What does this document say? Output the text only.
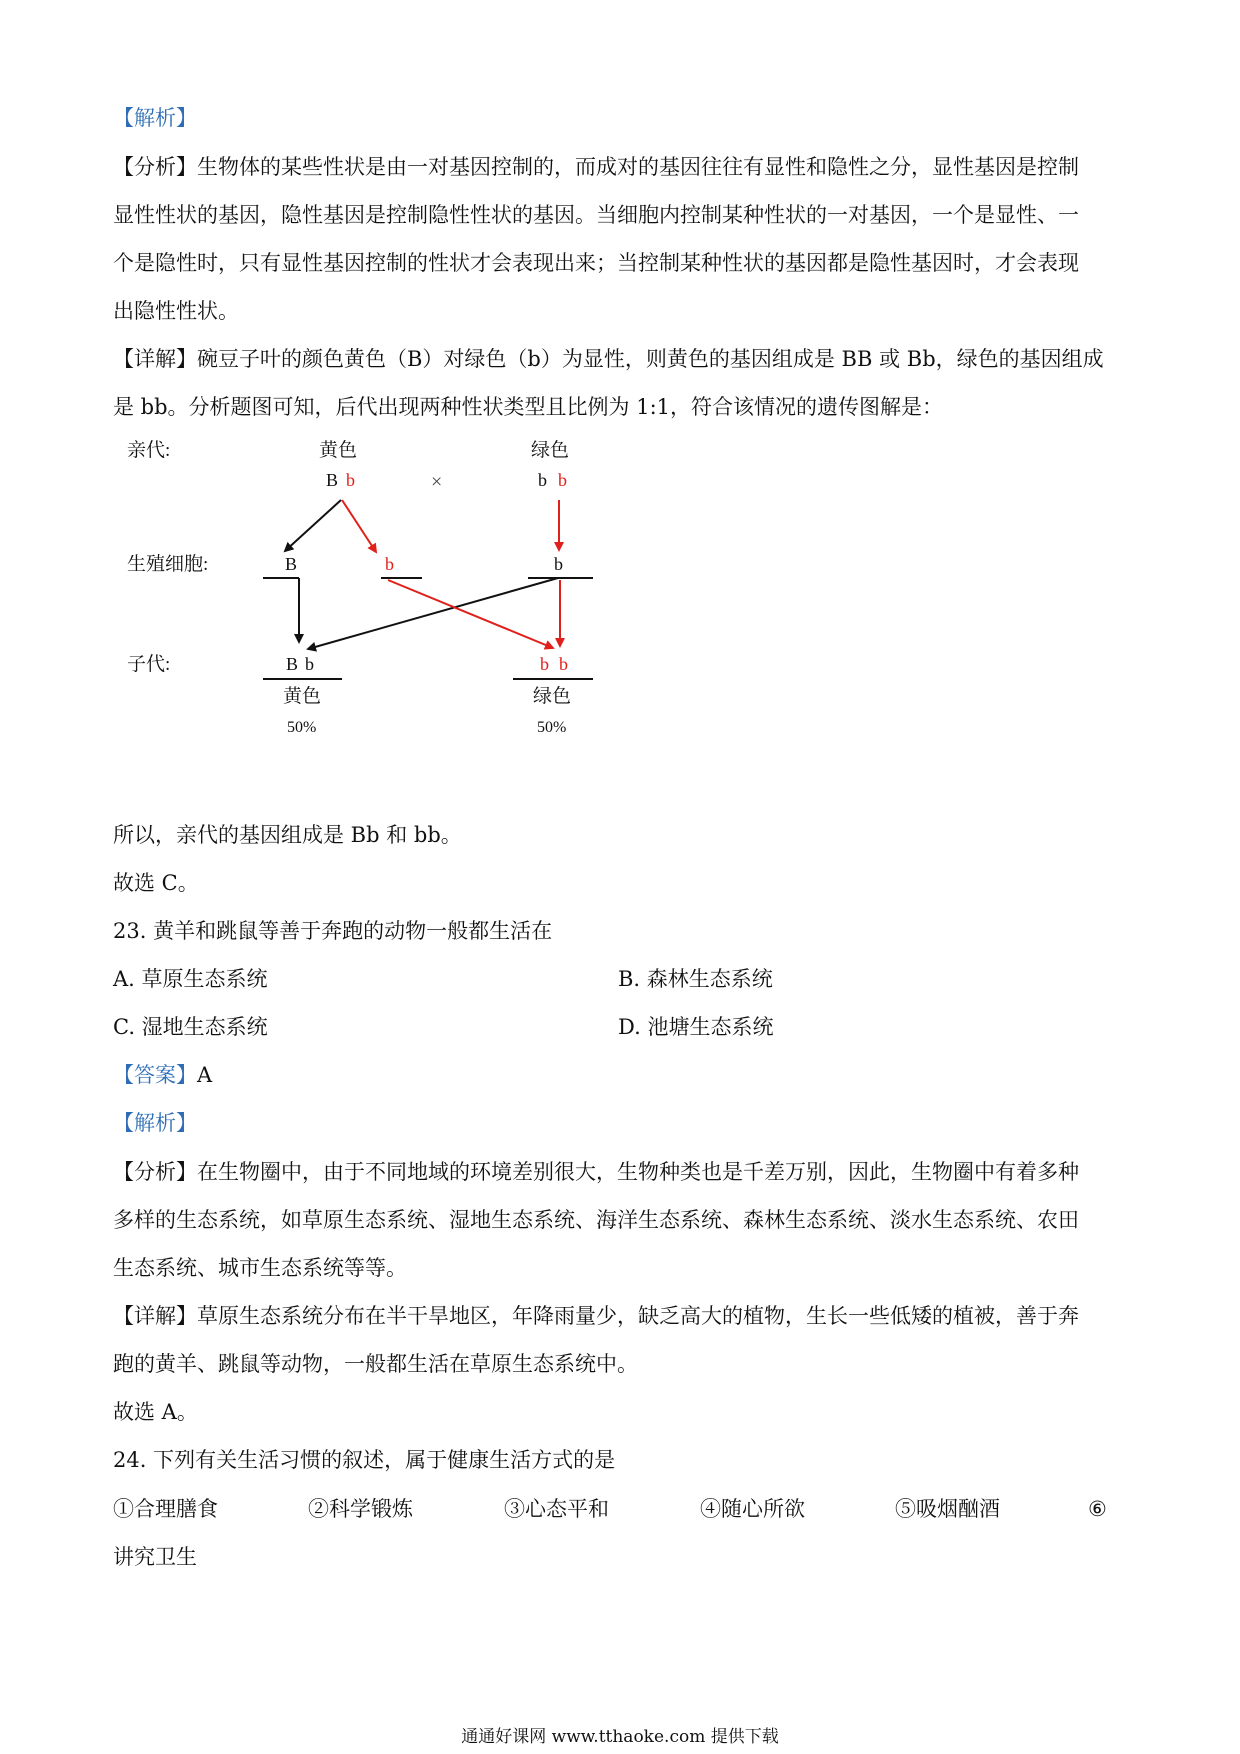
【解析】
【分析】生物体的某些性状是由一对基因控制的，而成对的基因往往有显性和隐性之分，显性基因是控制
显性性状的基因，隐性基因是控制隐性性状的基因。当细胞内控制某种性状的一对基因，一个是显性、一
个是隐性时，只有显性基因控制的性状才会表现出来；当控制某种性状的基因都是隐性基因时，才会表现
出隐性性状。
【详解】碗豆子叶的颜色黄色（B）对绿色（b）为显性，则黄色的基因组成是 BB 或 Bb，绿色的基因组成
是 bb。分析题图可知，后代出现两种性状类型且比例为 1:1，符合该情况的遗传图解是：
亲代:
生殖细胞:
子代:
黄色
B b	×
绿色
b b
B	b	b
B b
黄色
50%
b b
绿色
50%
所以，亲代的基因组成是 Bb 和 bb。
故选 C。
23. 黄羊和跳鼠等善于奔跑的动物一般都生活在
A. 草原生态系统	B. 森林生态系统
C. 湿地生态系统	D. 池塘生态系统
【答案】A
【解析】
【分析】在生物圈中，由于不同地域的环境差别很大，生物种类也是千差万别，因此，生物圈中有着多种
多样的生态系统，如草原生态系统、湿地生态系统、海洋生态系统、森林生态系统、淡水生态系统、农田
生态系统、城市生态系统等等。
【详解】草原生态系统分布在半干旱地区，年降雨量少，缺乏高大的植物，生长一些低矮的植被，善于奔
跑的黄羊、跳鼠等动物，一般都生活在草原生态系统中。
故选 A。
24. 下列有关生活习惯的叙述，属于健康生活方式的是
①合理膳食	②科学锻炼	③心态平和	④随心所欲	⑤吸烟酗酒	⑥
讲究卫生
通通好课网 www.tthaoke.com 提供下载
